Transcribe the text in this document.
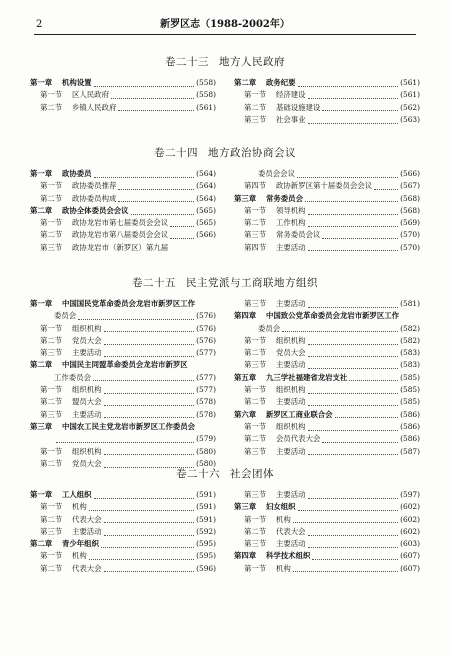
2	新罗区志（1988-2002年）
卷二十三 地方人民政府
第一章	机构设置	(558)
第一节	区人民政府	(558)
第二节	乡镇人民政府	(561)
第二章	政务纪要	(561)
第一节	经济建设	(561)
第二节	基础设施建设	(562)
第三节	社会事业	(563)
卷二十四 地方政治协商会议
第一章	政协委员	(564)
第一节	政协委员推荐	(564)
第二节	政协委员构成	(564)
第二章	政协全体委员会会议	(565)
第一节	政协龙岩市第七届委员会会议	(565)
第二节	政协龙岩市第八届委员会会议	(566)
第三节	政协龙岩市（新罗区）第九届
委员会会议	(566)
第四节	政协新罗区第十届委员会会议	(567)
第三章	常务委员会	(568)
第一节	领导机构	(568)
第二节	工作机构	(569)
第三节	常务委员会议	(570)
第四节	主要活动	(570)
卷二十五 民主党派与工商联地方组织
第一章	中国国民党革命委员会龙岩市新罗区工作
委员会	(576)
第一节	组织机构	(576)
第二节	党员大会	(576)
第三节	主要活动	(577)
第二章	中国民主同盟革命委员会龙岩市新罗区
工作委员会	(577)
第一节	组织机构	(577)
第二节	盟员大会	(578)
第三节	主要活动	(578)
第三章	中国农工民主党龙岩市新罗区工作委员会
(579)
第一节	组织机构	(580)
第二节	党员大会	(580)
第三节	主要活动	(581)
第四章	中国致公党革命委员会龙岩市新罗区工作
委员会	(582)
第一节	组织机构	(582)
第二节	党员大会	(583)
第三节	主要活动	(583)
第五章	九三学社福建省龙岩支社	(585)
第一节	组织机构	(585)
第二节	主要活动	(585)
第六章	新罗区工商业联合会	(586)
第一节	组织机构	(586)
第二节	会员代表大会	(586)
第三节	主要活动	(587)
卷二十六 社会团体
第一章	工人组织	(591)
第一节	机构	(591)
第二节	代表大会	(591)
第三节	主要活动	(592)
第二章	青少年组织	(595)
第一节	机构	(595)
第二节	代表大会	(596)
第三节	主要活动	(597)
第三章	妇女组织	(602)
第一节	机构	(602)
第二节	代表大会	(602)
第三节	主要活动	(603)
第四章	科学技术组织	(607)
第一节	机构	(607)
